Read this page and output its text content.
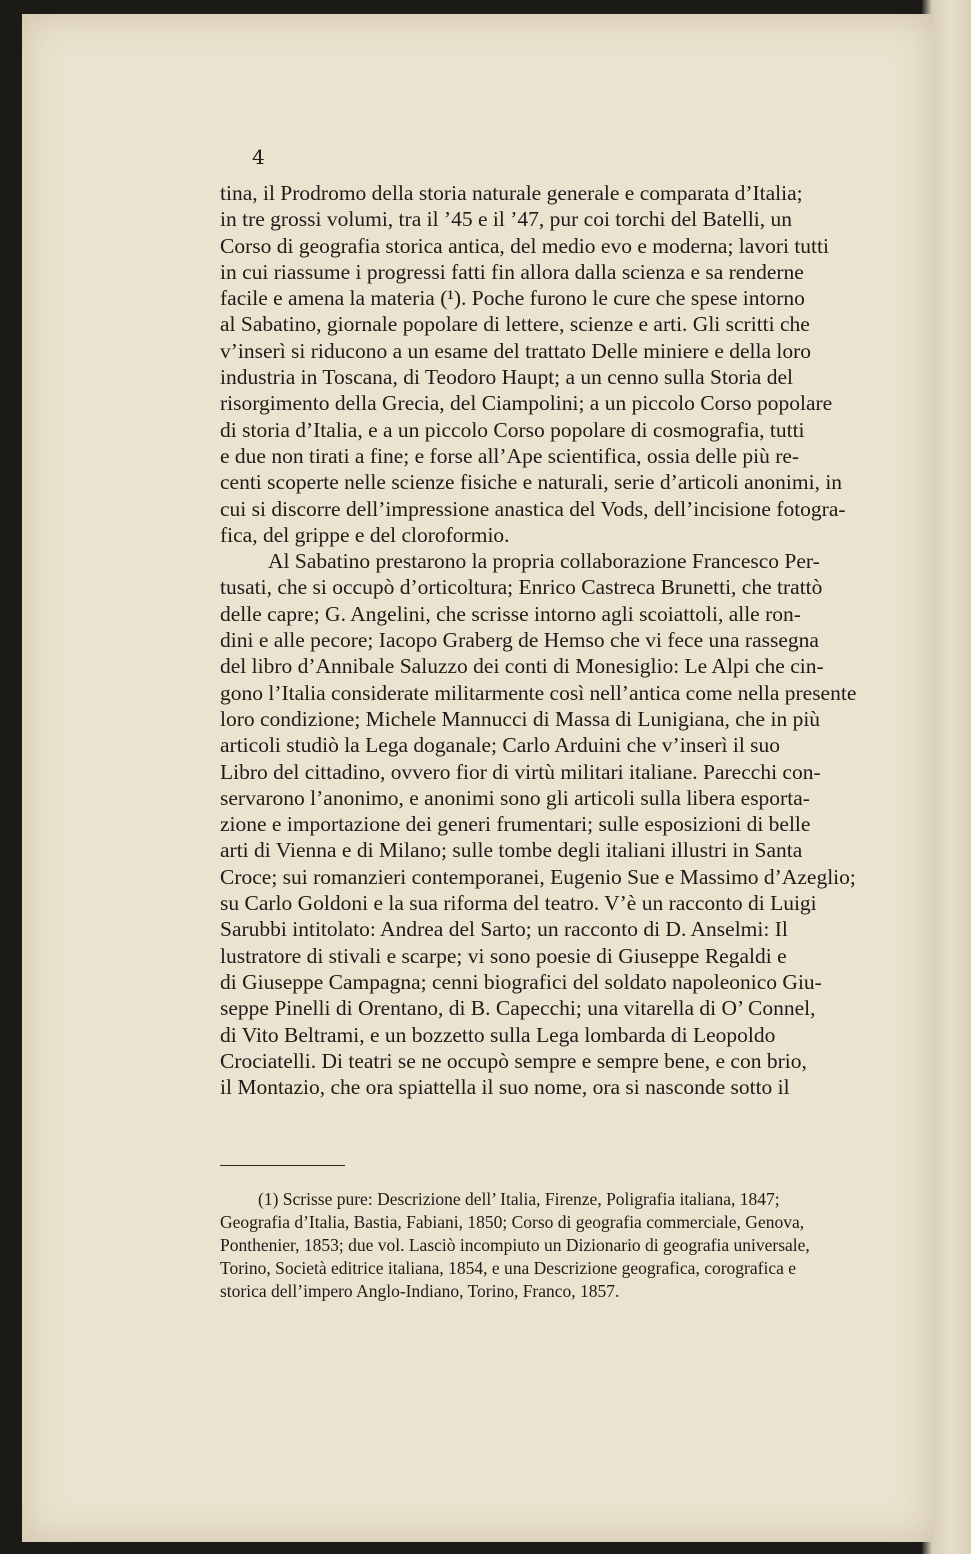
4
tina, il Prodromo della storia naturale generale e comparata d’Italia;
in tre grossi volumi, tra il ’45 e il ’47, pur coi torchi del Batelli, un
Corso di geografia storica antica, del medio evo e moderna; lavori tutti
in cui riassume i progressi fatti fin allora dalla scienza e sa renderne
facile e amena la materia (¹). Poche furono le cure che spese intorno
al Sabatino, giornale popolare di lettere, scienze e arti. Gli scritti che
v’inserì si riducono a un esame del trattato Delle miniere e della loro
industria in Toscana, di Teodoro Haupt; a un cenno sulla Storia del
risorgimento della Grecia, del Ciampolini; a un piccolo Corso popolare
di storia d’Italia, e a un piccolo Corso popolare di cosmografia, tutti
e due non tirati a fine; e forse all’Ape scientifica, ossia delle più re-
centi scoperte nelle scienze fisiche e naturali, serie d’articoli anonimi, in
cui si discorre dell’impressione anastica del Vods, dell’incisione fotogra-
fica, del grippe e del cloroformio.
Al Sabatino prestarono la propria collaborazione Francesco Per-
tusati, che si occupò d’orticoltura; Enrico Castreca Brunetti, che trattò
delle capre; G. Angelini, che scrisse intorno agli scoiattoli, alle ron-
dini e alle pecore; Iacopo Graberg de Hemso che vi fece una rassegna
del libro d’Annibale Saluzzo dei conti di Monesiglio: Le Alpi che cin-
gono l’Italia considerate militarmente così nell’antica come nella presente
loro condizione; Michele Mannucci di Massa di Lunigiana, che in più
articoli studiò la Lega doganale; Carlo Arduini che v’inserì il suo
Libro del cittadino, ovvero fior di virtù militari italiane. Parecchi con-
servarono l’anonimo, e anonimi sono gli articoli sulla libera esporta-
zione e importazione dei generi frumentari; sulle esposizioni di belle
arti di Vienna e di Milano; sulle tombe degli italiani illustri in Santa
Croce; sui romanzieri contemporanei, Eugenio Sue e Massimo d’Azeglio;
su Carlo Goldoni e la sua riforma del teatro. V’è un racconto di Luigi
Sarubbi intitolato: Andrea del Sarto; un racconto di D. Anselmi: Il
lustratore di stivali e scarpe; vi sono poesie di Giuseppe Regaldi e
di Giuseppe Campagna; cenni biografici del soldato napoleonico Giu-
seppe Pinelli di Orentano, di B. Capecchi; una vitarella di O’ Connel,
di Vito Beltrami, e un bozzetto sulla Lega lombarda di Leopoldo
Crociatelli. Di teatri se ne occupò sempre e sempre bene, e con brio,
il Montazio, che ora spiattella il suo nome, ora si nasconde sotto il
(1) Scrisse pure: Descrizione dell’ Italia, Firenze, Poligrafia italiana, 1847;
Geografia d’Italia, Bastia, Fabiani, 1850; Corso di geografia commerciale, Genova,
Ponthenier, 1853; due vol. Lasciò incompiuto un Dizionario di geografia universale,
Torino, Società editrice italiana, 1854, e una Descrizione geografica, corografica e
storica dell’impero Anglo-Indiano, Torino, Franco, 1857.
